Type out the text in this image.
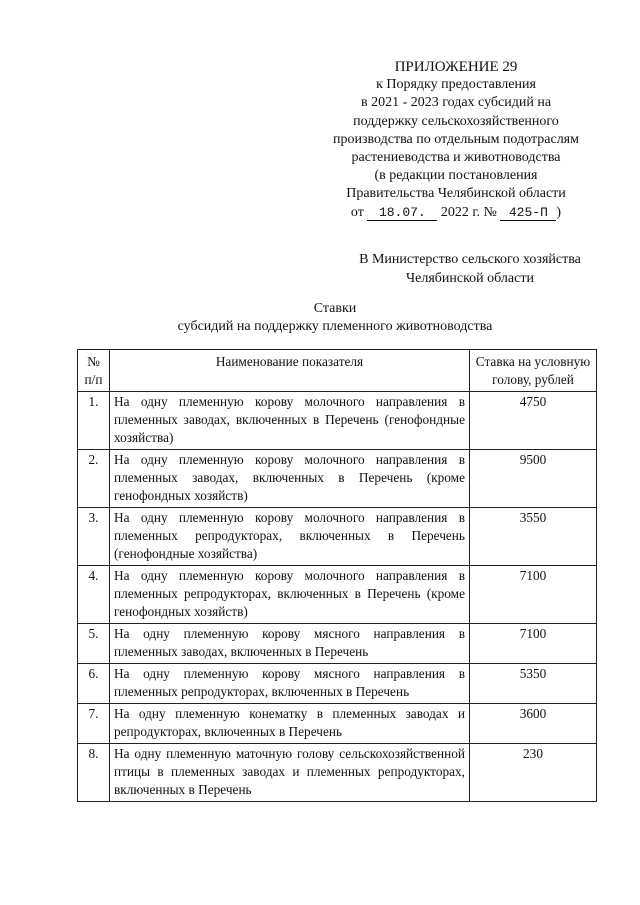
ПРИЛОЖЕНИЕ 29
к Порядку предоставления
в 2021 - 2023 годах субсидий на
поддержку сельскохозяйственного
производства по отдельным подотраслям
растениеводства и животноводства
(в редакции постановления
Правительства Челябинской области
от 18.07. 2022 г. № 425-П )
В Министерство сельского хозяйства
Челябинской области
Ставки
субсидий на поддержку племенного животноводства
№ п/п	Наименование показателя	Ставка на условную голову, рублей
1.	На одну племенную корову молочного направления в племенных заводах, включенных в Перечень (генофондные хозяйства)	4750
2.	На одну племенную корову молочного направления в племенных заводах, включенных в Перечень (кроме генофондных хозяйств)	9500
3.	На одну племенную корову молочного направления в племенных репродукторах, включенных в Перечень (генофондные хозяйства)	3550
4.	На одну племенную корову молочного направления в племенных репродукторах, включенных в Перечень (кроме генофондных хозяйств)	7100
5.	На одну племенную корову мясного направления в племенных заводах, включенных в Перечень	7100
6.	На одну племенную корову мясного направления в племенных репродукторах, включенных в Перечень	5350
7.	На одну племенную конематку в племенных заводах и репродукторах, включенных в Перечень	3600
8.	На одну племенную маточную голову сельскохозяйственной птицы в племенных заводах и племенных репродукторах, включенных в Перечень	230
